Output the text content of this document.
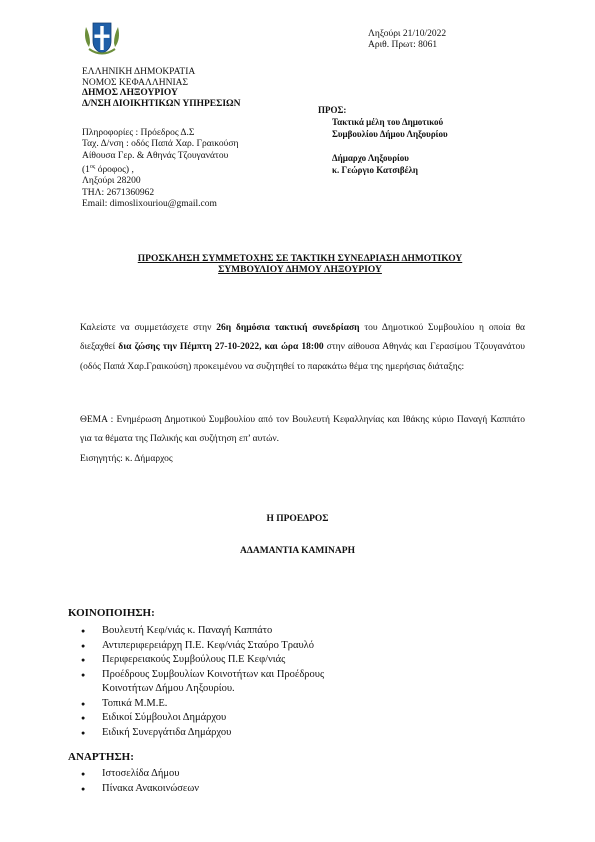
ΕΛΛΗΝΙΚΗ ΔΗΜΟΚΡΑΤΙΑ
ΝΟΜΟΣ ΚΕΦΑΛΛΗΝΙΑΣ
ΔΗΜΟΣ ΛΗΞΟΥΡΙΟΥ
Δ/ΝΣΗ ΔΙΟΙΚΗΤΙΚΩΝ ΥΠΗΡΕΣΙΩΝ
Ληξούρι 21/10/2022
Αριθ. Πρωτ: 8061
Πληροφορίες : Πρόεδρος Δ.Σ
Ταχ. Δ/νση : οδός Παπά Χαρ. Γραικούση
Αίθουσα Γερ. & Αθηνάς Τζουγανάτου
($1^{o\varsigma}$ όροφος) ,
Ληξούρι 28200
ΤΗΛ: 2671360962
Email: dimoslixouriou@gmail.com
ΠΡΟΣ:
Τακτικά μέλη του Δημοτικού
Συμβουλίου Δήμου Ληξουρίου
Δήμαρχο Ληξουρίου
κ. Γεώργιο Κατσιβέλη
ΠΡΟΣΚΛΗΣΗ ΣΥΜΜΕΤΟΧΗΣ ΣΕ ΤΑΚΤΙΚΗ ΣΥΝΕΔΡΙΑΣΗ ΔΗΜΟΤΙΚΟΥ
ΣΥΜΒΟΥΛΙΟΥ ΔΗΜΟΥ ΛΗΞΟΥΡΙΟΥ
Καλείστε να συμμετάσχετε στην 26η δημόσια τακτική συνεδρίαση του Δημοτικού Συμβουλίου η οποία θα διεξαχθεί δια ζώσης την Πέμπτη 27-10-2022, και ώρα 18:00 στην αίθουσα Αθηνάς και Γερασίμου Τζουγανάτου (οδός Παπά Χαρ.Γραικούση) προκειμένου να συζητηθεί το παρακάτω θέμα της ημερήσιας διάταξης:
ΘΕΜΑ : Ενημέρωση Δημοτικού Συμβουλίου από τον Βουλευτή Κεφαλληνίας και Ιθάκης κύριο Παναγή Καππάτο για τα θέματα της Παλικής και συζήτηση επ’ αυτών.
Εισηγητής: κ. Δήμαρχος
Η ΠΡΟΕΔΡΟΣ
ΑΔΑΜΑΝΤΙΑ ΚΑΜΙΝΑΡΗ
ΚΟΙΝΟΠΟΙΗΣΗ:
● Βουλευτή Κεφ/νιάς κ. Παναγή Καππάτο
● Αντιπεριφερειάρχη Π.Ε. Κεφ/νιάς Σταύρο Τραυλό
● Περιφερειακούς Συμβούλους Π.Ε Κεφ/νιάς
● Προέδρους Συμβουλίων Κοινοτήτων και Προέδρους
Κοινοτήτων Δήμου Ληξουρίου.
● Τοπικά Μ.Μ.Ε.
● Ειδικοί Σύμβουλοι Δημάρχου
● Ειδική Συνεργάτιδα Δημάρχου
ΑΝΑΡΤΗΣΗ:
● Ιστοσελίδα Δήμου
● Πίνακα Ανακοινώσεων
